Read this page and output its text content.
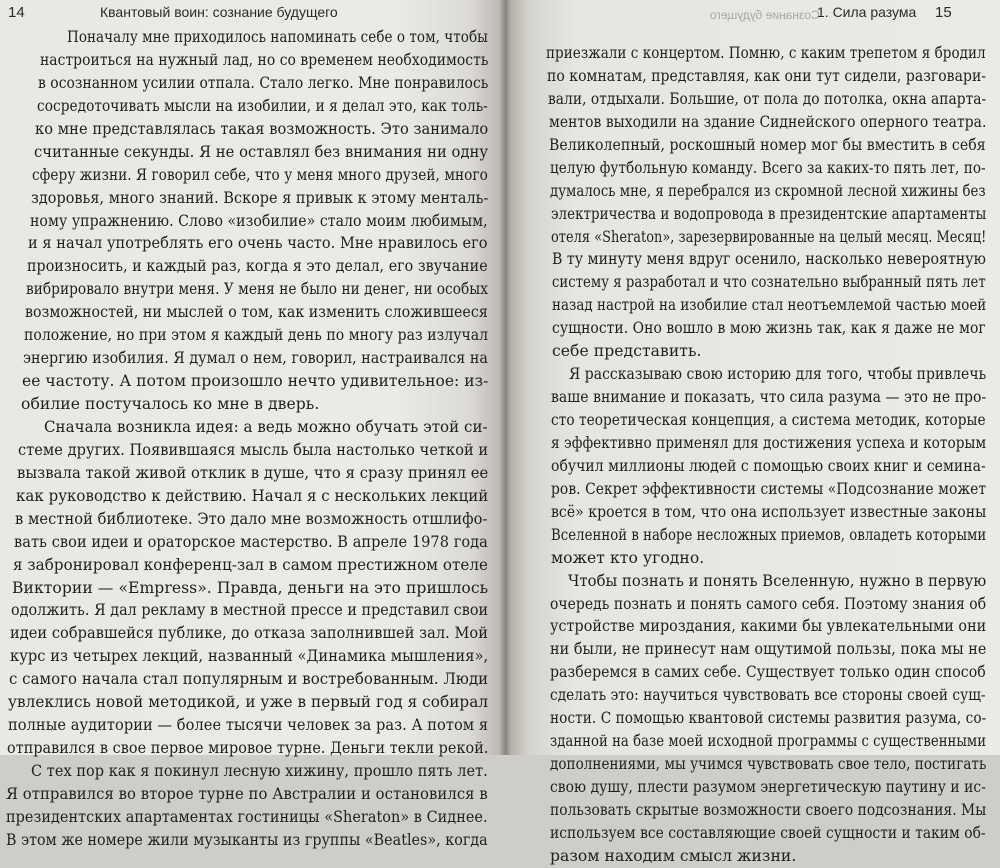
14	Квантовый воин: сознание будущего
Поначалу мне приходилось напоминать себе о том, чтобы
настроиться на нужный лад, но со временем необходимость
в осознанном усилии отпала. Стало легко. Мне понравилось
сосредоточивать мысли на изобилии, и я делал это, как толь-
ко мне представлялась такая возможность. Это занимало
считанные секунды. Я не оставлял без внимания ни одну
сферу жизни. Я говорил себе, что у меня много друзей, много
здоровья, много знаний. Вскоре я привык к этому менталь-
ному упражнению. Слово «изобилие» стало моим любимым,
и я начал употреблять его очень часто. Мне нравилось его
произносить, и каждый раз, когда я это делал, его звучание
вибрировало внутри меня. У меня не было ни денег, ни особых
возможностей, ни мыслей о том, как изменить сложившееся
положение, но при этом я каждый день по многу раз излучал
энергию изобилия. Я думал о нем, говорил, настраивался на
ее частоту. А потом произошло нечто удивительное: из-
обилие постучалось ко мне в дверь.
Сначала возникла идея: а ведь можно обучать этой си-
стеме других. Появившаяся мысль была настолько четкой и
вызвала такой живой отклик в душе, что я сразу принял ее
как руководство к действию. Начал я с нескольких лекций
в местной библиотеке. Это дало мне возможность отшлифо-
вать свои идеи и ораторское мастерство. В апреле 1978 года
я забронировал конференц-зал в самом престижном отеле
Виктории — «Empress». Правда, деньги на это пришлось
одолжить. Я дал рекламу в местной прессе и представил свои
идеи собравшейся публике, до отказа заполнившей зал. Мой
курс из четырех лекций, названный «Динамика мышления»,
с самого начала стал популярным и востребованным. Люди
увлеклись новой методикой, и уже в первый год я собирал
полные аудитории — более тысячи человек за раз. А потом я
отправился в свое первое мировое турне. Деньги текли рекой.
С тех пор как я покинул лесную хижину, прошло пять лет.
Я отправился во второе турне по Австралии и остановился в
президентских апартаментах гостиницы «Sheraton» в Сиднее.
В этом же номере жили музыканты из группы «Beatles», когда
Сознание будущего
1. Сила разума 15
приезжали с концертом. Помню, с каким трепетом я бродил
по комнатам, представляя, как они тут сидели, разговари-
вали, отдыхали. Большие, от пола до потолка, окна апарта-
ментов выходили на здание Сиднейского оперного театра.
Великолепный, роскошный номер мог бы вместить в себя
целую футбольную команду. Всего за каких-то пять лет, по-
думалось мне, я перебрался из скромной лесной хижины без
электричества и водопровода в президентские апартаменты
отеля «Sheraton», зарезервированные на целый месяц. Месяц!
В ту минуту меня вдруг осенило, насколько невероятную
систему я разработал и что сознательно выбранный пять лет
назад настрой на изобилие стал неотъемлемой частью моей
сущности. Оно вошло в мою жизнь так, как я даже не мог
себе представить.
Я рассказываю свою историю для того, чтобы привлечь
ваше внимание и показать, что сила разума — это не про-
сто теоретическая концепция, а система методик, которые
я эффективно применял для достижения успеха и которым
обучил миллионы людей с помощью своих книг и семина-
ров. Секрет эффективности системы «Подсознание может
всё» кроется в том, что она использует известные законы
Вселенной в наборе несложных приемов, овладеть которыми
может кто угодно.
Чтобы познать и понять Вселенную, нужно в первую
очередь познать и понять самого себя. Поэтому знания об
устройстве мироздания, какими бы увлекательными они
ни были, не принесут нам ощутимой пользы, пока мы не
разберемся в самих себе. Существует только один способ
сделать это: научиться чувствовать все стороны своей сущ-
ности. С помощью квантовой системы развития разума, со-
зданной на базе моей исходной программы с существенными
дополнениями, мы учимся чувствовать свое тело, постигать
свою душу, плести разумом энергетическую паутину и ис-
пользовать скрытые возможности своего подсознания. Мы
используем все составляющие своей сущности и таким об-
разом находим смысл жизни.
